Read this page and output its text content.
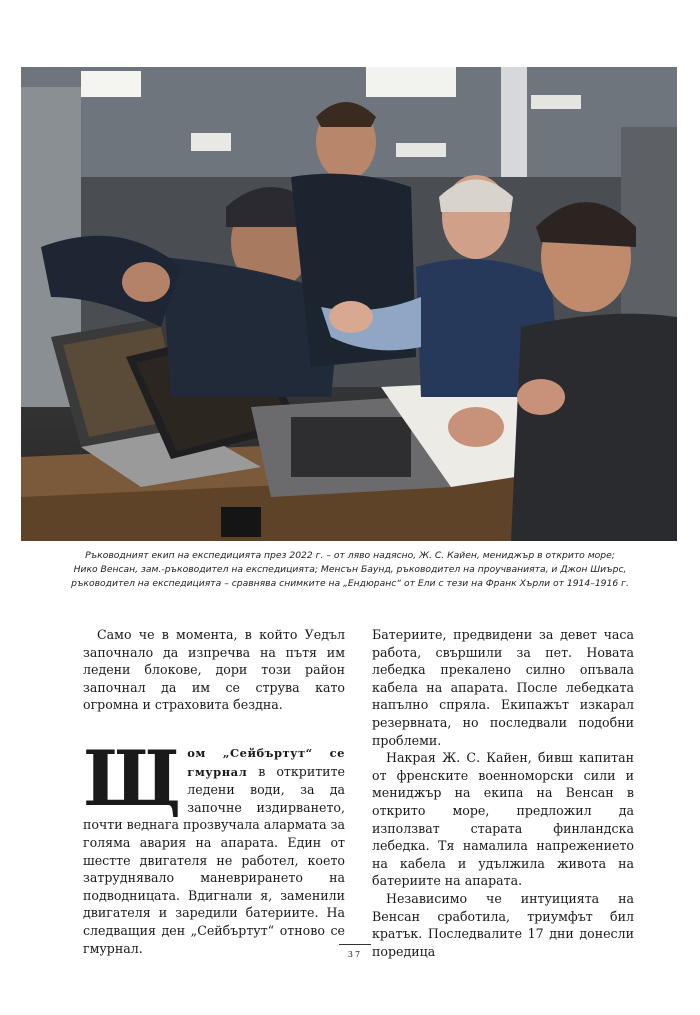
Ръководният екип на експедицията през 2022 г. – от ляво надясно, Ж. С. Кайен, мениджър в открито море;
Нико Венсан, зам.-ръководител на експедицията; Менсън Баунд, ръководител на проучванията, и Джон Шиърс,
ръководител на експедицията – сравнява снимките на „Ендюранс“ от Ели с тези на Франк Хърли от 1914–1916 г.

Само че в момента, в който Уедъл започнало да изпречва на пътя им ледени блокове, дори този район започнал да им се струва като огромна и страховита бездна.

Щом „Сейбъртут“ се гмурнал в откритите ледени води, за да започне издирването, почти веднага прозвучала алармата за голяма авария на апарата. Един от шестте двигателя не работел, което затруднявало маневрирането на подводницата. Вдигнали я, заменили двигателя и заредили батериите. На следващия ден „Сейбъртут“ отново се гмурнал.

Батериите, предвидени за девет часа работа, свършили за пет. Новата лебедка прекалено силно опъвала кабела на апарата. После лебедката напълно спряла. Екипажът изкарал резервната, но последвали подобни проблеми.

Накрая Ж. С. Кайен, бивш капитан от френските военноморски сили и мениджър на екипа на Венсан в открито море, предложил да използват старата финландска лебедка. Тя намалила напрежението на кабела и удължила живота на батериите на апарата.

Независимо че интуицията на Венсан сработила, триумфът бил кратък. Последвалите 17 дни донесли поредица

37
